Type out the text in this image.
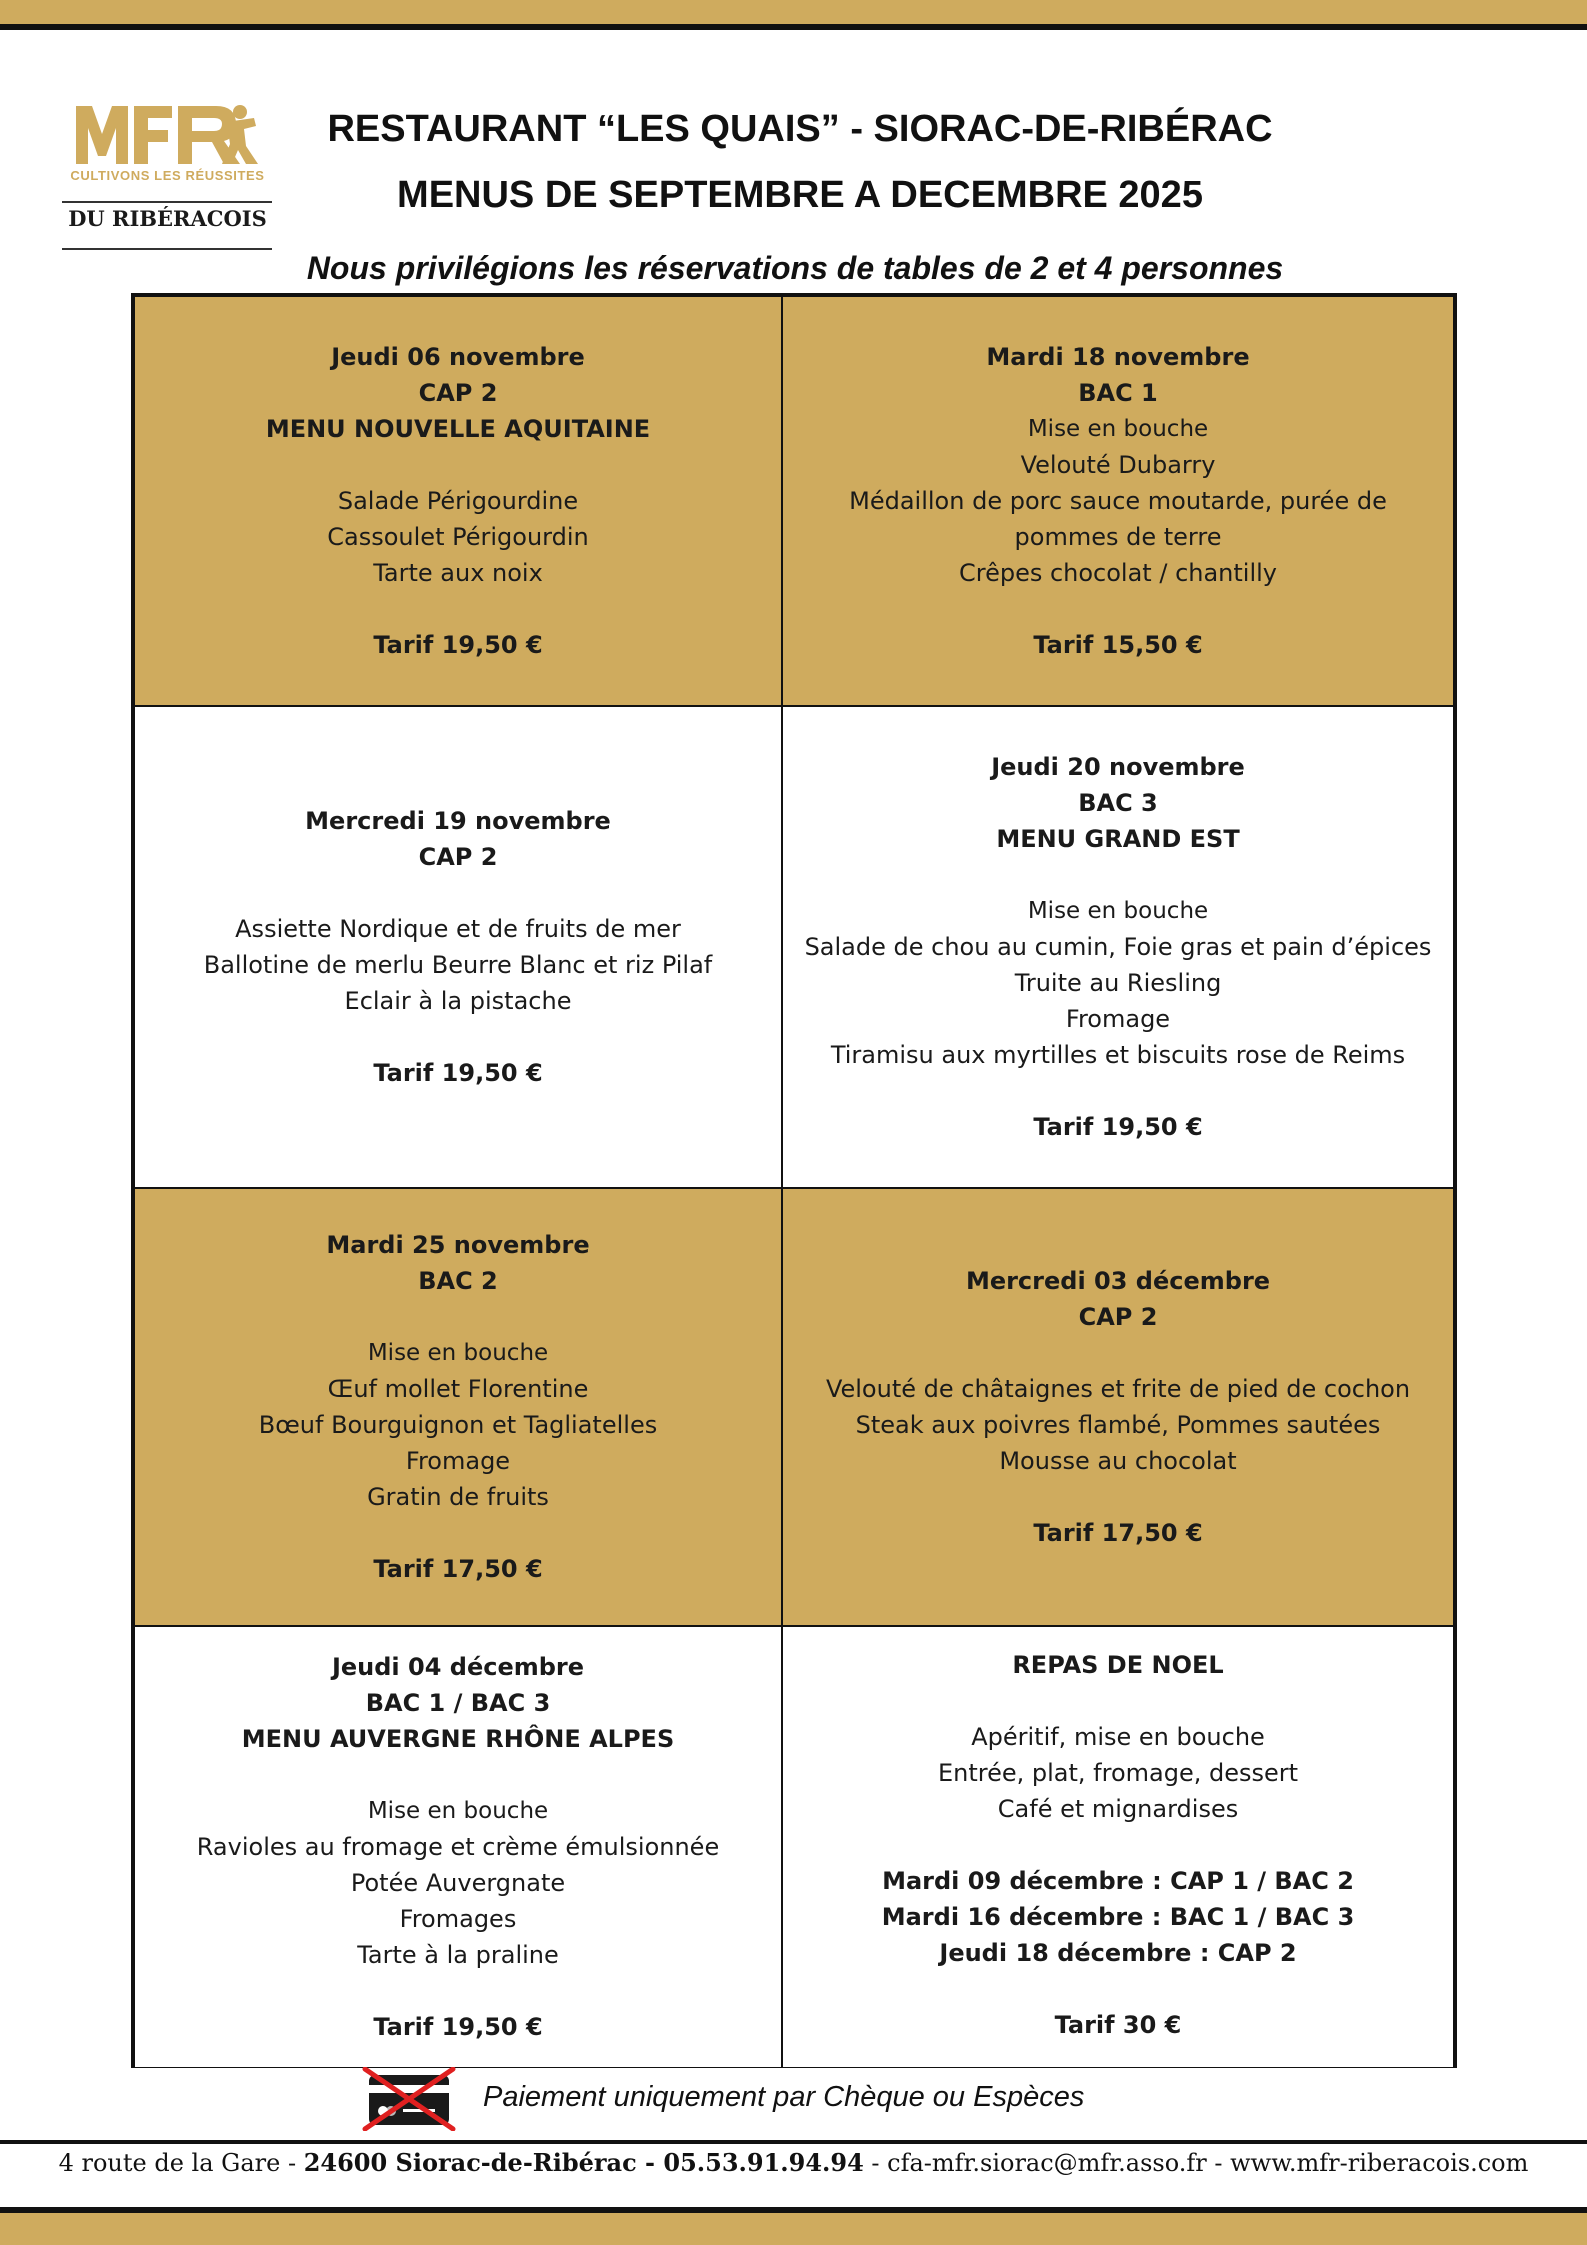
CULTIVONS LES RÉUSSITES
DU RIBÉRACOIS
RESTAURANT “LES QUAIS” - SIORAC-DE-RIBÉRAC
MENUS DE SEPTEMBRE A DECEMBRE 2025
Nous privilégions les réservations de tables de 2 et 4 personnes
Jeudi 06 novembre
CAP 2
MENU NOUVELLE AQUITAINE
Salade Périgourdine
Cassoulet Périgourdin
Tarte aux noix
Tarif 19,50 €
Mardi 18 novembre
BAC 1
Mise en bouche
Velouté Dubarry
Médaillon de porc sauce moutarde, purée de
pommes de terre
Crêpes chocolat / chantilly
Tarif 15,50 €
Mercredi 19 novembre
CAP 2
Assiette Nordique et de fruits de mer
Ballotine de merlu Beurre Blanc et riz Pilaf
Eclair à la pistache
Tarif 19,50 €
Jeudi 20 novembre
BAC 3
MENU GRAND EST
Mise en bouche
Salade de chou au cumin, Foie gras et pain d’épices
Truite au Riesling
Fromage
Tiramisu aux myrtilles et biscuits rose de Reims
Tarif 19,50 €
Mardi 25 novembre
BAC 2
Mise en bouche
Œuf mollet Florentine
Bœuf Bourguignon et Tagliatelles
Fromage
Gratin de fruits
Tarif 17,50 €
Mercredi 03 décembre
CAP 2
Velouté de châtaignes et frite de pied de cochon
Steak aux poivres flambé, Pommes sautées
Mousse au chocolat
Tarif 17,50 €
Jeudi 04 décembre
BAC 1 / BAC 3
MENU AUVERGNE RHÔNE ALPES
Mise en bouche
Ravioles au fromage et crème émulsionnée
Potée Auvergnate
Fromages
Tarte à la praline
Tarif 19,50 €
REPAS DE NOEL
Apéritif, mise en bouche
Entrée, plat, fromage, dessert
Café et mignardises
Mardi 09 décembre : CAP 1 / BAC 2
Mardi 16 décembre : BAC 1 / BAC 3
Jeudi 18 décembre : CAP 2
Tarif 30 €
Paiement uniquement par Chèque ou Espèces
4 route de la Gare - 24600 Siorac-de-Ribérac - 05.53.91.94.94 - cfa-mfr.siorac@mfr.asso.fr - www.mfr-riberacois.com
